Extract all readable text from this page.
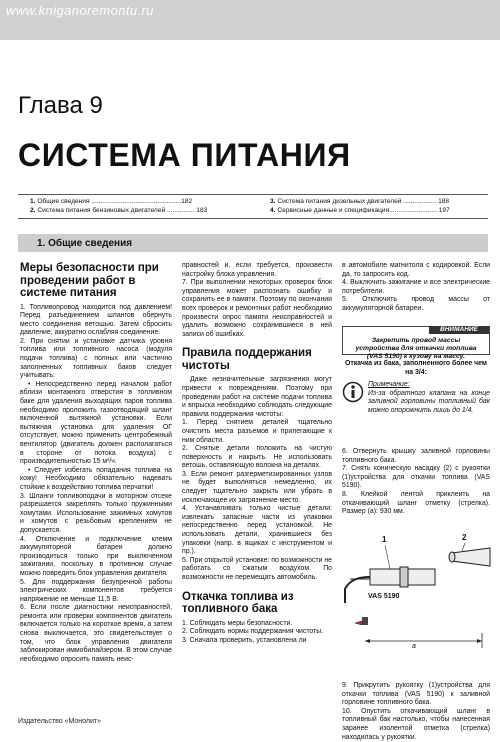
www.kniganoremontu.ru
Глава 9
СИСТЕМА ПИТАНИЯ
1. Общие сведения .................................................182
2. Система питания бензиновых двигателей ............... 183
3. Система питания дизельных двигателей .................. 188
4. Сервисные данные и спецификация.......................... 197
1. Общие сведения

Меры безопасности при проведении работ в системе питания

1. Топливопровод находится под давлением! Перед разъединением шлангов обернуть место соединения ветошью. Затем сбросить давление, аккуратно ослабляя соединение.

2. При снятии и установке датчика уровня топлива или топливного насоса (модуля подачи топлива) с полных или частично заполненных топливных баков следует учитывать:

• Непосредственно перед началом работ вблизи монтажного отверстия в топливном баке для удаления выходящих паров топлива необходимо проложить газоотводящий шланг включенной вытяжной установки. Если вытяжная установка для удаления ОГ отсутствует, можно применить центробежный вентилятор (двигатель должен располагаться в стороне от потока воздуха) с производительностью 15 м³/ч.

• Следует избегать попадания топлива на кожу! Необходимо обязательно надевать стойкие к воздействию топлива перчатки!

3. Шланги топливоподачи в моторном отсеке разрешается закреплять только пружинными хомутами. Использование зажимных хомутов и хомутов с резьбовым креплением не допускается.

4. Отключение и подключение клемм аккумуляторной батареи должно производиться только при выключенном зажигании, поскольку в противном случае можно повредить блок управления двигателя.

5. Для поддержания безупречной работы электрических компонентов требуется напряжение не меньше 11,5 В.

6. Если после диагностики неисправностей, ремонта или проверки компонентов двигатель включается только на короткое время, а затем снова выключается, это свидетельствует о том, что блок управления двигателя заблокирован иммобилайзером. В этом случае необходимо опросить память неис-

правностей и, если требуется, произвести настройку блока управления.

7. При выполнении некоторых проверок блок управления может распознать ошибку и сохранить ее в памяти. Поэтому по окончании всех проверок и ремонтных работ необходимо произвести опрос памяти неисправностей и удалить возможно сохранившиеся в ней записи об ошибках.

Правила поддержания чистоты

Даже незначительные загрязнения могут привести к повреждениям. Поэтому при проведении работ на системе подачи топлива и впрыска необходимо соблюдать следующие правила поддержания чистоты:

1. Перед снятием деталей тщательно очистить места разъемов и прилегающие к ним области.

2. Снятые детали положить на чистую поверхность и накрыть. Не использовать ветошь, оставляющую волокна на деталях.

3. Если ремонт разгерметизированных узлов не будет выполняться немедленно, их следует тщательно закрыть или убрать в исключающее их загрязнение место.

4. Устанавливать только чистые детали: извлекать запасные части из упаковки непосредственно перед установкой. Не использовать детали, хранившиеся без упаковки (напр. в ящиках с инструментом и пр.).

5. При открытой установке: по возможности не работать со сжатым воздухом. По возможности не перемещать автомобиль.

Откачка топлива из топливного бака

1. Соблюдать меры безопасности.

2. Соблюдать нормы поддержания чистоты.

3. Сначала проверить, установлена ли

в автомобиле магнитола с кодировкой. Если да, то запросить код.

4. Выключить зажигание и все электрические потребители.

5. Отключить провод массы от аккумуляторной батареи.

ВНИМАНИЕ
Закрепить провод массы устройства для откачки топлива (VAS 5190) к кузову на массу.

Откачка из бака, заполненного более чем на 3/4:

Примечание:

Из-за обратного клапана на конце заливной горловины топливный бак можно опорожнить лишь до 1/4.

6. Отвернуть крышку заливной горловины топливного бака.

7. Снять коническую насадку (2) с рукоятки (1)устройства для откачки топлива (VAS 5190).

8. Клейкой лентой приклеить на откачивающий шланг отметку (стрелка). Размер (a): 930 мм.

1	2
VAS 5190
a

9. Прикрутить рукоятку (1)устройства для откачки топлива (VAS 5190) к заливной горловине топливного бака.

10. Опустить откачивающий шланг в топливный бак настолько, чтобы нанесенная заранее изолентой отметка (стрелка) находилась у рукоятки.

Издательство «Монолит»
